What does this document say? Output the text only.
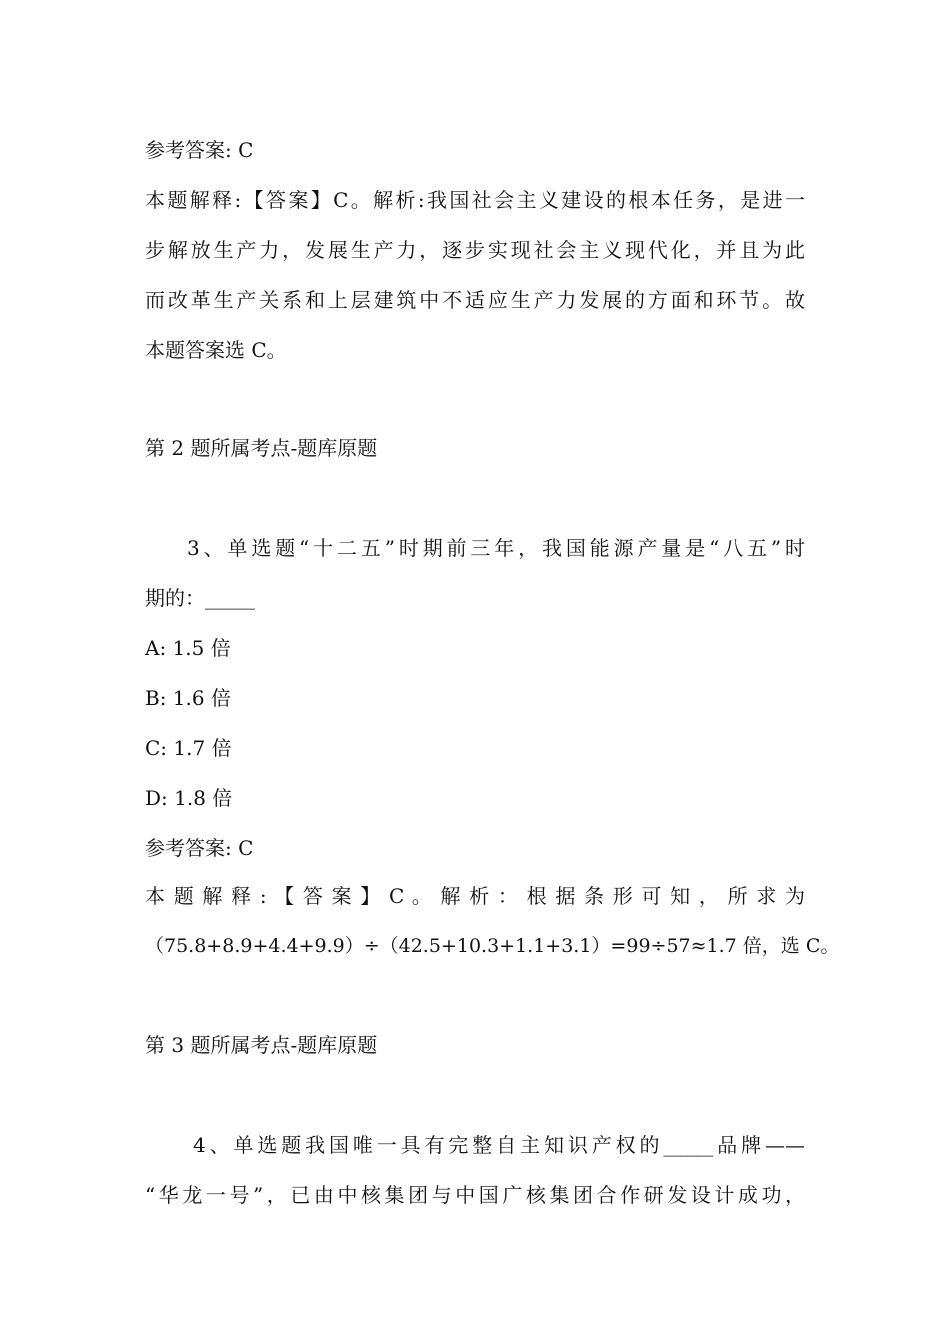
参考答案: C
本题解释:【答案】C。解析:我国社会主义建设的根本任务，是进一
步解放生产力，发展生产力，逐步实现社会主义现代化，并且为此
而改革生产关系和上层建筑中不适应生产力发展的方面和环节。故
本题答案选 C。
第 2 题所属考点-题库原题
3、单选题“十二五”时期前三年，我国能源产量是“八五”时
期的：_____
A: 1.5 倍
B: 1.6 倍
C: 1.7 倍
D: 1.8 倍
参考答案: C
本 题 解 释 : 【 答 案 】 C 。 解 析 ： 根 据 条 形 可 知 ， 所 求 为
（75.8+8.9+4.4+9.9）÷（42.5+10.3+1.1+3.1）=99÷57≈1.7 倍，选 C。
第 3 题所属考点-题库原题
4、单选题我国唯一具有完整自主知识产权的_____品牌——
“华龙一号”，已由中核集团与中国广核集团合作研发设计成功，
